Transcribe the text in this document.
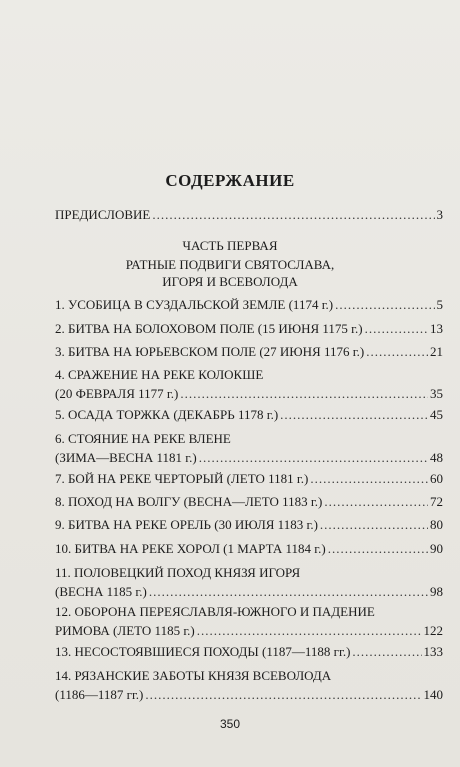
СОДЕРЖАНИЕ
ПРЕДИСЛОВИЕ .....	3
ЧАСТЬ ПЕРВАЯ
РАТНЫЕ ПОДВИГИ СВЯТОСЛАВА,
ИГОРЯ И ВСЕВОЛОДА
1. УСОБИЦА В СУЗДАЛЬСКОЙ ЗЕМЛЕ (1174 г.) .....	5
2. БИТВА НА БОЛОХОВОМ ПОЛЕ (15 ИЮНЯ 1175 г.) .....	13
3. БИТВА НА ЮРЬЕВСКОМ ПОЛЕ (27 ИЮНЯ 1176 г.) .....	21
4. СРАЖЕНИЕ НА РЕКЕ КОЛОКШЕ
(20 ФЕВРАЛЯ 1177 г.) .....	35
5. ОСАДА ТОРЖКА (ДЕКАБРЬ 1178 г.) .....	45
6. СТОЯНИЕ НА РЕКЕ ВЛЕНЕ
(ЗИМА—ВЕСНА 1181 г.) .....	48
7. БОЙ НА РЕКЕ ЧЕРТОРЫЙ (ЛЕТО 1181 г.) .....	60
8. ПОХОД НА ВОЛГУ (ВЕСНА—ЛЕТО 1183 г.) .....	72
9. БИТВА НА РЕКЕ ОРЕЛЬ (30 ИЮЛЯ 1183 г.) .....	80
10. БИТВА НА РЕКЕ ХОРОЛ (1 МАРТА 1184 г.) .....	90
11. ПОЛОВЕЦКИЙ ПОХОД КНЯЗЯ ИГОРЯ
(ВЕСНА 1185 г.) .....	98
12. ОБОРОНА ПЕРЕЯСЛАВЛЯ-ЮЖНОГО И ПАДЕНИЕ
РИМОВА (ЛЕТО 1185 г.) .....	122
13. НЕСОСТОЯВШИЕСЯ ПОХОДЫ (1187—1188 гг.) .....	133
14. РЯЗАНСКИЕ ЗАБОТЫ КНЯЗЯ ВСЕВОЛОДА
(1186—1187 гг.) .....	140
350
